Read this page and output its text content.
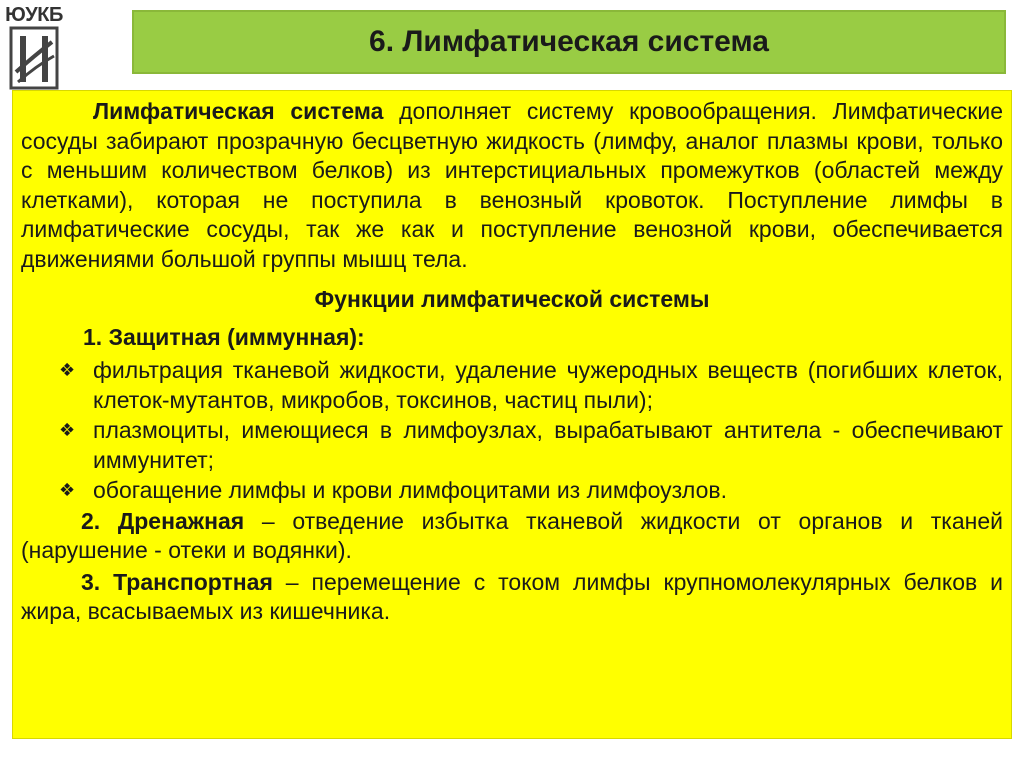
ЮУКБ
6. Лимфатическая система

Лимфатическая система дополняет систему кровообращения. Лимфатические сосуды забирают прозрачную бесцветную жидкость (лимфу, аналог плазмы крови, только с меньшим количеством белков) из интерстициальных промежутков (областей между клетками), которая не поступила в венозный кровоток. Поступление лимфы в лимфатические сосуды, так же как и поступление венозной крови, обеспечивается движениями большой группы мышц тела.

Функции лимфатической системы

1. Защитная (иммунная):

❖ фильтрация тканевой жидкости, удаление чужеродных веществ (погибших клеток, клеток-мутантов, микробов, токсинов, частиц пыли);
❖ плазмоциты, имеющиеся в лимфоузлах, вырабатывают антитела - обеспечивают иммунитет;
❖ обогащение лимфы и крови лимфоцитами из лимфоузлов.

2. Дренажная – отведение избытка тканевой жидкости от органов и тканей (нарушение - отеки и водянки).

3. Транспортная – перемещение с током лимфы крупномолекулярных белков и жира, всасываемых из кишечника.
